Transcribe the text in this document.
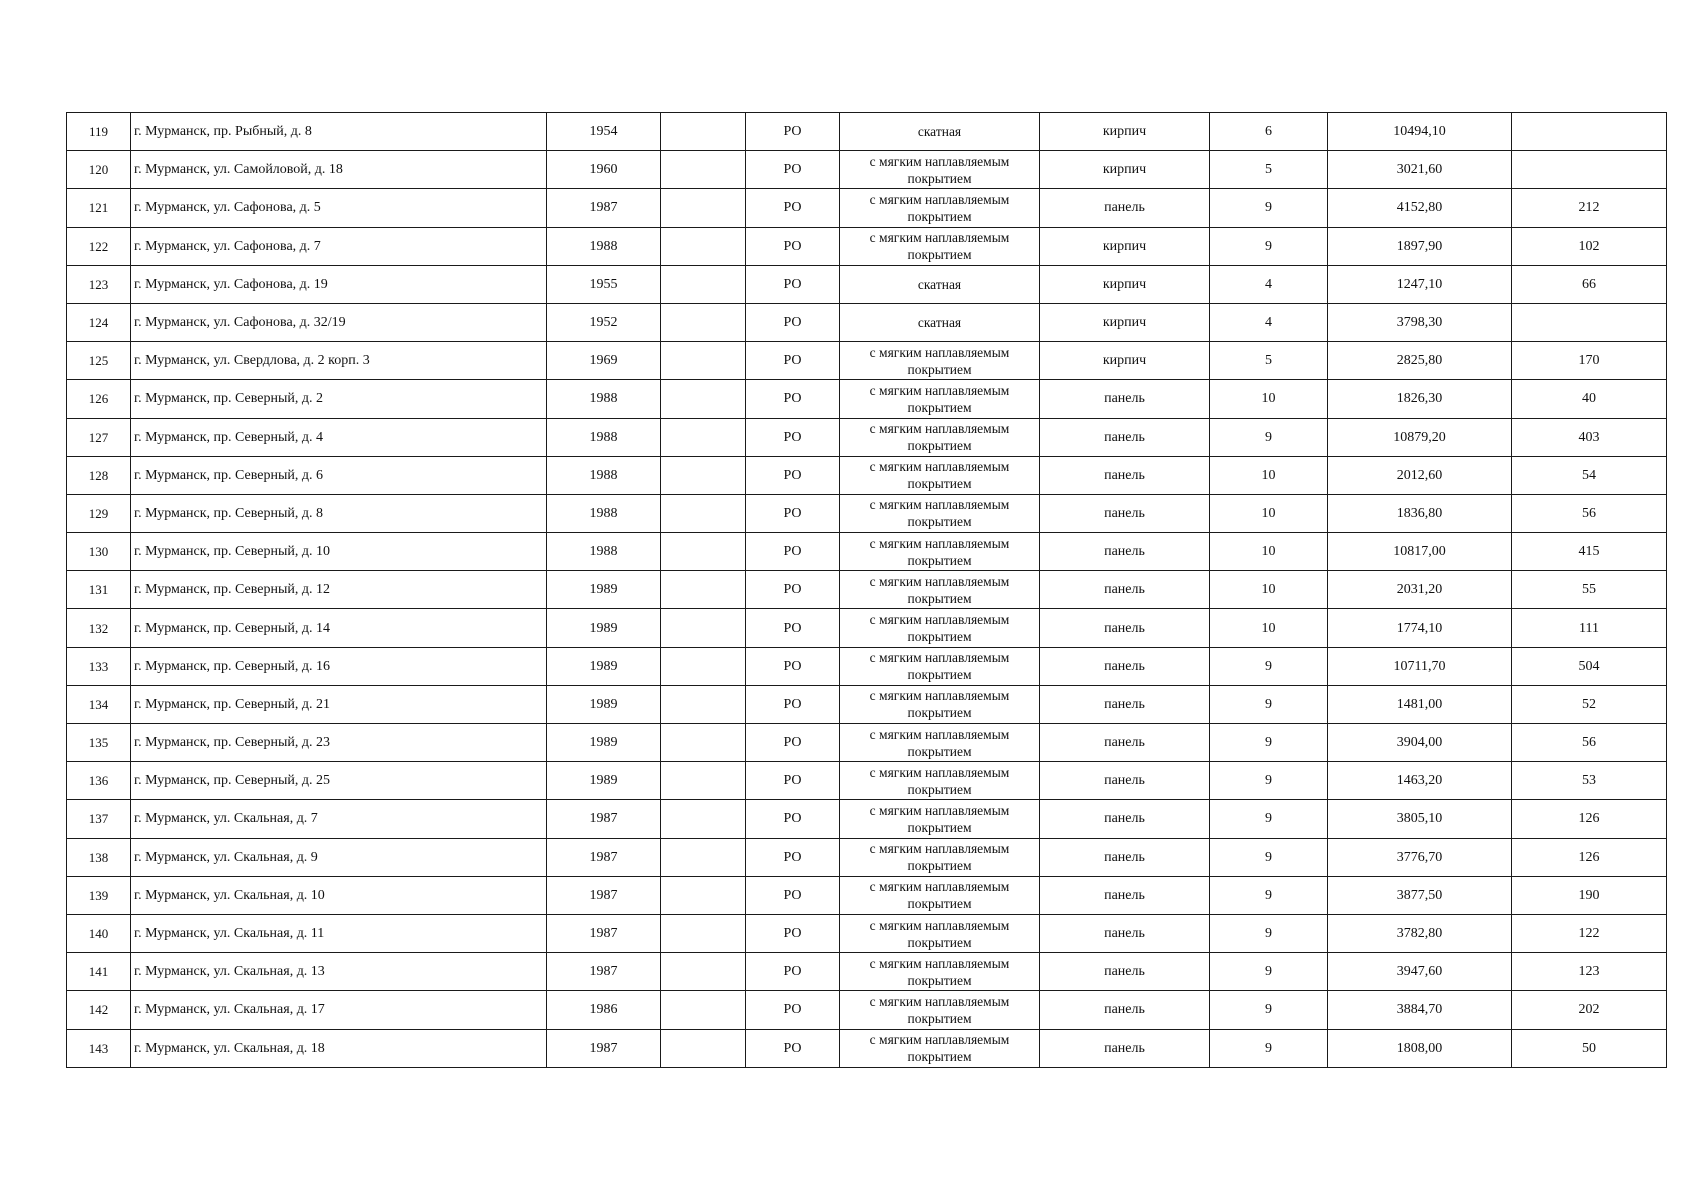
119	г. Мурманск, пр. Рыбный, д. 8	1954		РО	скатная	кирпич	6	10494,10	
120	г. Мурманск, ул. Самойловой, д. 18	1960		РО	с мягким наплавляемым покрытием	кирпич	5	3021,60	
121	г. Мурманск, ул. Сафонова, д. 5	1987		РО	с мягким наплавляемым покрытием	панель	9	4152,80	212
122	г. Мурманск, ул. Сафонова, д. 7	1988		РО	с мягким наплавляемым покрытием	кирпич	9	1897,90	102
123	г. Мурманск, ул. Сафонова, д. 19	1955		РО	скатная	кирпич	4	1247,10	66
124	г. Мурманск, ул. Сафонова, д. 32/19	1952		РО	скатная	кирпич	4	3798,30	
125	г. Мурманск, ул. Свердлова, д. 2 корп. 3	1969		РО	с мягким наплавляемым покрытием	кирпич	5	2825,80	170
126	г. Мурманск, пр. Северный, д. 2	1988		РО	с мягким наплавляемым покрытием	панель	10	1826,30	40
127	г. Мурманск, пр. Северный, д. 4	1988		РО	с мягким наплавляемым покрытием	панель	9	10879,20	403
128	г. Мурманск, пр. Северный, д. 6	1988		РО	с мягким наплавляемым покрытием	панель	10	2012,60	54
129	г. Мурманск, пр. Северный, д. 8	1988		РО	с мягким наплавляемым покрытием	панель	10	1836,80	56
130	г. Мурманск, пр. Северный, д. 10	1988		РО	с мягким наплавляемым покрытием	панель	10	10817,00	415
131	г. Мурманск, пр. Северный, д. 12	1989		РО	с мягким наплавляемым покрытием	панель	10	2031,20	55
132	г. Мурманск, пр. Северный, д. 14	1989		РО	с мягким наплавляемым покрытием	панель	10	1774,10	111
133	г. Мурманск, пр. Северный, д. 16	1989		РО	с мягким наплавляемым покрытием	панель	9	10711,70	504
134	г. Мурманск, пр. Северный, д. 21	1989		РО	с мягким наплавляемым покрытием	панель	9	1481,00	52
135	г. Мурманск, пр. Северный, д. 23	1989		РО	с мягким наплавляемым покрытием	панель	9	3904,00	56
136	г. Мурманск, пр. Северный, д. 25	1989		РО	с мягким наплавляемым покрытием	панель	9	1463,20	53
137	г. Мурманск, ул. Скальная, д. 7	1987		РО	с мягким наплавляемым покрытием	панель	9	3805,10	126
138	г. Мурманск, ул. Скальная, д. 9	1987		РО	с мягким наплавляемым покрытием	панель	9	3776,70	126
139	г. Мурманск, ул. Скальная, д. 10	1987		РО	с мягким наплавляемым покрытием	панель	9	3877,50	190
140	г. Мурманск, ул. Скальная, д. 11	1987		РО	с мягким наплавляемым покрытием	панель	9	3782,80	122
141	г. Мурманск, ул. Скальная, д. 13	1987		РО	с мягким наплавляемым покрытием	панель	9	3947,60	123
142	г. Мурманск, ул. Скальная, д. 17	1986		РО	с мягким наплавляемым покрытием	панель	9	3884,70	202
143	г. Мурманск, ул. Скальная, д. 18	1987		РО	с мягким наплавляемым покрытием	панель	9	1808,00	50
